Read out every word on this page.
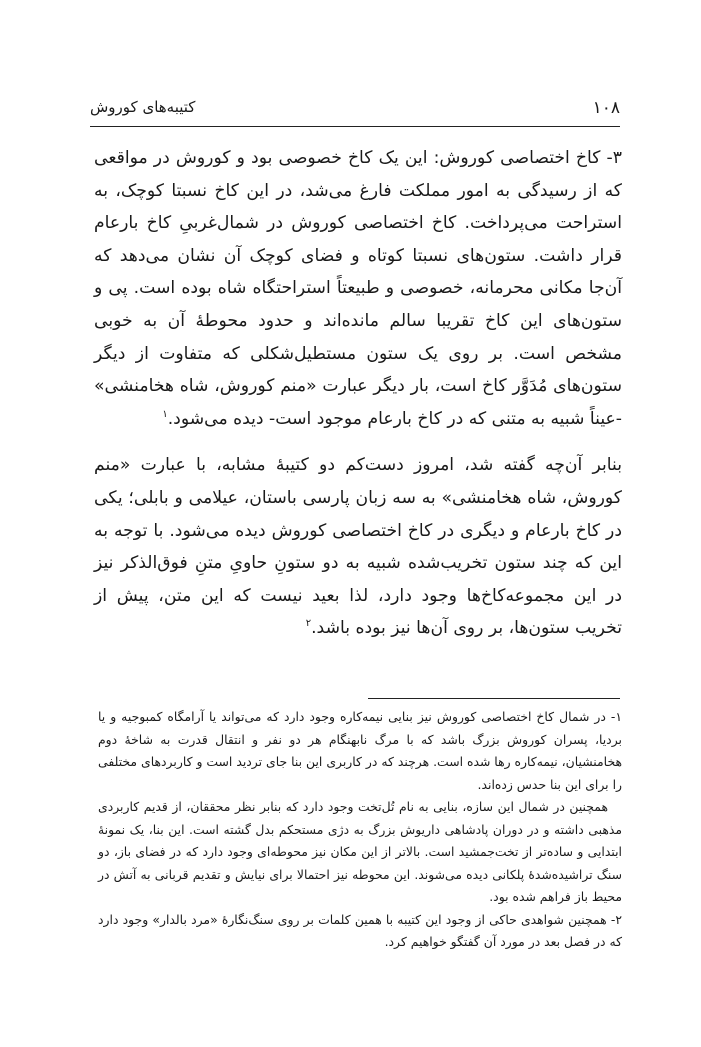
۱۰۸
کتیبه‌های کوروش

۳- کاخ اختصاصی کوروش: این یک کاخ خصوصی بود و کوروش در مواقعی که از رسیدگی به امور مملکت فارغ می‌شد، در این کاخ نسبتا کوچک، به استراحت می‌پرداخت. کاخ اختصاصی کوروش در شمال‌غربیِ کاخ بارعام قرار داشت. ستون‌های نسبتا کوتاه و فضای کوچک آن نشان می‌دهد که آن‌جا مکانی محرمانه، خصوصی و طبیعتاً استراحتگاه شاه بوده است. پی و ستون‌های این کاخ تقریبا سالم مانده‌اند و حدود محوطهٔ آن به خوبی مشخص است. بر روی یک ستون مستطیل‌شکلی که متفاوت از دیگر ستون‌های مُدَوَّر کاخ است، بار دیگر عبارت «منم کوروش، شاه هخامنشی» -عیناً شبیه به متنی که در کاخ بارعام موجود است- دیده می‌شود.$^۱$

بنابر آن‌چه گفته شد، امروز دست‌کم دو کتیبهٔ مشابه، با عبارت «منم کوروش، شاه هخامنشی» به سه زبان پارسی باستان، عیلامی و بابلی؛ یکی در کاخ بارعام و دیگری در کاخ اختصاصی کوروش دیده می‌شود. با توجه به این که چند ستون تخریب‌شده شبیه به دو ستونِ حاویِ متنِ فوق‌الذکر نیز در این مجموعه‌کاخ‌ها وجود دارد، لذا بعید نیست که این متن، پیش از تخریب ستون‌ها، بر روی آن‌ها نیز بوده باشد.$^۲$

۱- در شمال کاخ اختصاصی کوروش نیز بنایی نیمه‌کاره وجود دارد که می‌تواند یا آرامگاه کمبوجیه و یا بردیا، پسران کوروش بزرگ باشد که با مرگ نابهنگام هر دو نفر و انتقال قدرت به شاخهٔ دوم هخامنشیان، نیمه‌کاره رها شده است. هرچند که در کاربری این بنا جای تردید است و کاربردهای مختلفی را برای این بنا حدس زده‌اند.

همچنین در شمال این سازه، بنایی به نام تُل‌تخت وجود دارد که بنابر نظر محققان، از قدیم کاربردی مذهبی داشته و در دوران پادشاهی داریوش بزرگ به دژی مستحکم بدل گشته است. این بنا، یک نمونهٔ ابتدایی و ساده‌تر از تخت‌جمشید است. بالاتر از این مکان نیز محوطه‌ای وجود دارد که در فضای باز، دو سنگ تراشیده‌شدهٔ پلکانی دیده می‌شوند. این محوطه نیز احتمالا برای نیایش و تقدیم قربانی به آتش در محیط باز فراهم شده بود.

۲- همچنین شواهدی حاکی از وجود این کتیبه با همین کلمات بر روی سنگ‌نگارهٔ «مرد بالدار» وجود دارد که در فصل بعد در مورد آن گفتگو خواهیم کرد.
